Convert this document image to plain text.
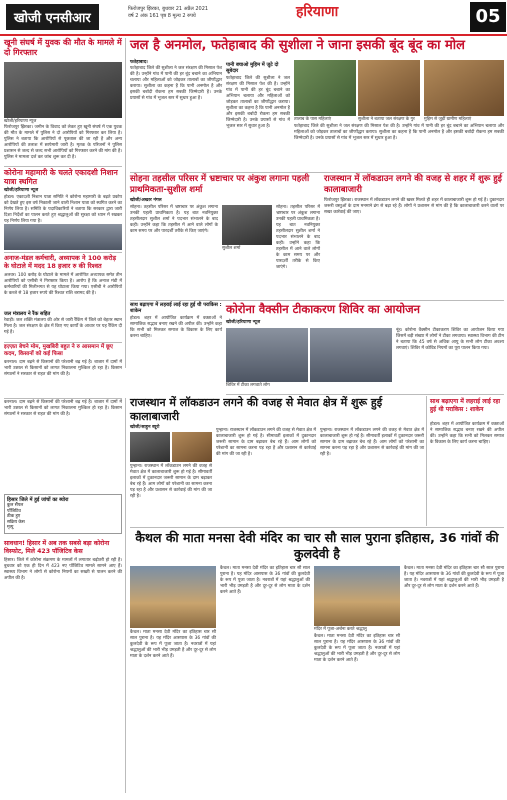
खोजी एनसीआर
फिरोजपुर झिरका, बुधवार 21 अप्रैल 2021
वर्ष 2 अंक 161 पृष्ठ 8 मूल्य 2 रुपये	हरियाणा	05
खूनी संघर्ष में युवक की मौत के मामले में दो गिरफ्तार
खोजी/हरियाणा न्यूज
फिरोजपुर झिरका। जमीन के विवाद को लेकर हुए खूनी संघर्ष में एक युवक की मौत के मामले में पुलिस ने दो आरोपियों को गिरफ्तार कर लिया है। पुलिस ने बताया कि आरोपियों से पूछताछ की जा रही है और अन्य आरोपियों की तलाश में छापेमारी जारी है। मृतक के परिजनों ने पुलिस प्रशासन से जल्द से जल्द सभी आरोपियों को गिरफ्तार करने की मांग की है। पुलिस ने मामला दर्ज कर जांच शुरू कर दी है।
कोरोना महामारी के चलते एकादशी निशान यात्रा स्थगित
खोजी/हरियाणा न्यूज
होडल। एकादशी निशान यात्रा समिति ने कोरोना महामारी के बढ़ते प्रकोप को देखते हुए इस वर्ष निकाली जाने वाली निशान यात्रा को स्थगित करने का निर्णय लिया है। समिति के पदाधिकारियों ने बताया कि सरकार द्वारा जारी दिशा निर्देशों का पालन करते हुए श्रद्धालुओं की सुरक्षा को ध्यान में रखकर यह निर्णय लिया गया है।
अनाज-मंडल कर्मचारी, अध्यापक ने 100 करोड़ के घोटाले में मदद 18 हजार रु की रिश्वत
अलवर। 100 करोड़ के घोटाले के मामले में आरोपित अध्यापक समेत तीन आरोपियों को एसीबी ने गिरफ्तार किया है। आरोप है कि अनाज मंडी में कर्मचारियों की मिलीभगत से यह घोटाला किया गया। एसीबी ने आरोपियों के कब्जे से 18 हजार रुपये की रिश्वत राशि बरामद की है।
जल मंत्रालय ने रैंक सहित
रेवाड़ी। जल शक्ति मंत्रालय की ओर से जारी रैंकिंग में जिले को बेहतर स्थान मिला है। जल संरक्षण के क्षेत्र में किए गए कार्यों के आधार पर यह रैंकिंग दी गई है।
इज़्ज़त बेचने मोम, मुखबिरी बहुत ने रु आसमान में छूए कदम, किसानों को कई फिसा
करनाल। दाम बढ़ने से किसानों की परेशानी बढ़ गई है। बाजार में दामों में भारी उछाल से किसानों को लागत निकालना मुश्किल हो रहा है। किसान संगठनों ने सरकार से राहत की मांग की है।
करनाल। दाम बढ़ने से किसानों की परेशानी बढ़ गई है। बाजार में दामों में भारी उछाल से किसानों को लागत निकालना मुश्किल हो रहा है। किसान संगठनों ने सरकार से राहत की मांग की है।
हिसार जिले में हुई जांचों का ब्योरा
कुल सैंपल
पॉजिटिव
ठीक हुए
सक्रिय केस
मृत्यु
सावधान! हिसार में अब तक सबसे बड़ा कोरोना विस्फोट, मिले 423 पॉजिटिव केस
हिसार। जिले में कोरोना संक्रमण के मामलों में लगातार बढ़ोतरी हो रही है। बुधवार को एक ही दिन में 423 नए पॉजिटिव मामले सामने आए हैं। स्वास्थ्य विभाग ने लोगों से कोरोना नियमों का सख्ती से पालन करने की अपील की है।
जल है अनमोल, फतेहाबाद की सुशीला ने जाना इसकी बूंद बूंद का मोल
फतेहाबाद।
फतेहाबाद जिले की सुशीला ने जल संरक्षण की मिसाल पेश की है। उन्होंने गांव में पानी की हर बूंद बचाने का अभियान चलाया और महिलाओं को जोड़कर तालाबों का जीर्णोद्धार कराया। सुशीला का कहना है कि पानी अनमोल है और इसकी बर्बादी रोकना हम सबकी जिम्मेदारी है। उनके प्रयासों से गांव में भूजल स्तर में सुधार हुआ है।
पानी बचाओ मुहिम में जुटे दो सूबेदार
फतेहाबाद जिले की सुशीला ने जल संरक्षण की मिसाल पेश की है। उन्होंने गांव में पानी की हर बूंद बचाने का अभियान चलाया और महिलाओं को जोड़कर तालाबों का जीर्णोद्धार कराया। सुशीला का कहना है कि पानी अनमोल है और इसकी बर्बादी रोकना हम सबकी जिम्मेदारी है। उनके प्रयासों से गांव में भूजल स्तर में सुधार हुआ है।
तालाब के पास महिलाएं	सुशीला ने बताया जल संरक्षण के गुर	मुहिम से जुड़ीं ग्रामीण महिलाएं
फतेहाबाद जिले की सुशीला ने जल संरक्षण की मिसाल पेश की है। उन्होंने गांव में पानी की हर बूंद बचाने का अभियान चलाया और महिलाओं को जोड़कर तालाबों का जीर्णोद्धार कराया। सुशीला का कहना है कि पानी अनमोल है और इसकी बर्बादी रोकना हम सबकी जिम्मेदारी है। उनके प्रयासों से गांव में भूजल स्तर में सुधार हुआ है।
सोहना तहसील परिसर में भ्रष्टाचार पर अंकुश लगाना पहली प्राथमिकता-सुशील शर्मा
खोजी/अख्तर नंगल
सोहना। तहसील परिसर में भ्रष्टाचार पर अंकुश लगाना उनकी पहली प्राथमिकता है। यह बात नवनियुक्त तहसीलदार सुशील शर्मा ने पदभार संभालने के बाद कही। उन्होंने कहा कि तहसील में आने वाले लोगों के काम समय पर और पारदर्शी तरीके से किए जाएंगे।
सुशील शर्मा
सोहना। तहसील परिसर में भ्रष्टाचार पर अंकुश लगाना उनकी पहली प्राथमिकता है। यह बात नवनियुक्त तहसीलदार सुशील शर्मा ने पदभार संभालने के बाद कही। उन्होंने कहा कि तहसील में आने वाले लोगों के काम समय पर और पारदर्शी तरीके से किए जाएंगे।
राजस्थान में लॉकडाउन लगने की वजह से शहर में शुरू हुई कालाबाजारी
फिरोजपुर झिरका। राजस्थान में लॉकडाउन लगने की खबर मिलते ही शहर में कालाबाजारी शुरू हो गई है। दुकानदार जरूरी वस्तुओं के दाम मनमाने ढंग से बढ़ा रहे हैं। लोगों ने प्रशासन से मांग की है कि कालाबाजारी करने वालों पर सख्त कार्रवाई की जाए।
साथ बढ़ाएगा में लहराई लाई रहा हुई थी पराकिस : शाकेन
होडल। शहर में आयोजित कार्यक्रम में वक्ताओं ने सामाजिक सद्भाव बनाए रखने की अपील की। उन्होंने कहा कि सभी को मिलकर समाज के विकास के लिए कार्य करना चाहिए।
कोरोना वैक्सीन टीकाकरण शिविर का आयोजन
खोजी/हरियाणा न्यूज
शिविर में टीका लगवाते लोग
नूंह। कोरोना वैक्सीन टीकाकरण शिविर का आयोजन किया गया जिसमें बड़ी संख्या में लोगों ने टीका लगवाया। स्वास्थ्य विभाग की टीम ने बताया कि 45 वर्ष से अधिक आयु के सभी लोग टीका अवश्य लगवाएं। शिविर में कोविड नियमों का पूरा पालन किया गया।
राजस्थान में लॉकडाउन लगने की वजह से मेवात क्षेत्र में शुरू हुई कालाबाजारी
खोजी/साहुन ब्यूरो
पुन्हाना। राजस्थान में लॉकडाउन लगने की वजह से मेवात क्षेत्र में कालाबाजारी शुरू हो गई है। सीमावर्ती इलाकों में दुकानदार जरूरी सामान के दाम बढ़ाकर बेच रहे हैं। आम लोगों को परेशानी का सामना करना पड़ रहा है और प्रशासन से कार्रवाई की मांग की जा रही है।
पुन्हाना। राजस्थान में लॉकडाउन लगने की वजह से मेवात क्षेत्र में कालाबाजारी शुरू हो गई है। सीमावर्ती इलाकों में दुकानदार जरूरी सामान के दाम बढ़ाकर बेच रहे हैं। आम लोगों को परेशानी का सामना करना पड़ रहा है और प्रशासन से कार्रवाई की मांग की जा रही है।
पुन्हाना। राजस्थान में लॉकडाउन लगने की वजह से मेवात क्षेत्र में कालाबाजारी शुरू हो गई है। सीमावर्ती इलाकों में दुकानदार जरूरी सामान के दाम बढ़ाकर बेच रहे हैं। आम लोगों को परेशानी का सामना करना पड़ रहा है और प्रशासन से कार्रवाई की मांग की जा रही है।
साथ बढ़ाएगा में लहराई लाई रहा हुई थी पराकिस : शाकेन
होडल। शहर में आयोजित कार्यक्रम में वक्ताओं ने सामाजिक सद्भाव बनाए रखने की अपील की। उन्होंने कहा कि सभी को मिलकर समाज के विकास के लिए कार्य करना चाहिए।
कैथल की माता मनसा देवी मंदिर का चार सौ साल पुराना इतिहास, 36 गांवों की कुलदेवी है
कैथल। माता मनसा देवी मंदिर का इतिहास चार सौ साल पुराना है। यह मंदिर आसपास के 36 गांवों की कुलदेवी के रूप में पूजा जाता है। नवरात्रों में यहां श्रद्धालुओं की भारी भीड़ उमड़ती है और दूर-दूर से लोग माता के दर्शन करने आते हैं।
कैथल। माता मनसा देवी मंदिर का इतिहास चार सौ साल पुराना है। यह मंदिर आसपास के 36 गांवों की कुलदेवी के रूप में पूजा जाता है। नवरात्रों में यहां श्रद्धालुओं की भारी भीड़ उमड़ती है और दूर-दूर से लोग माता के दर्शन करने आते हैं।
मंदिर में पूजा-अर्चना करते श्रद्धालु
कैथल। माता मनसा देवी मंदिर का इतिहास चार सौ साल पुराना है। यह मंदिर आसपास के 36 गांवों की कुलदेवी के रूप में पूजा जाता है। नवरात्रों में यहां श्रद्धालुओं की भारी भीड़ उमड़ती है और दूर-दूर से लोग माता के दर्शन करने आते हैं।
कैथल। माता मनसा देवी मंदिर का इतिहास चार सौ साल पुराना है। यह मंदिर आसपास के 36 गांवों की कुलदेवी के रूप में पूजा जाता है। नवरात्रों में यहां श्रद्धालुओं की भारी भीड़ उमड़ती है और दूर-दूर से लोग माता के दर्शन करने आते हैं।
